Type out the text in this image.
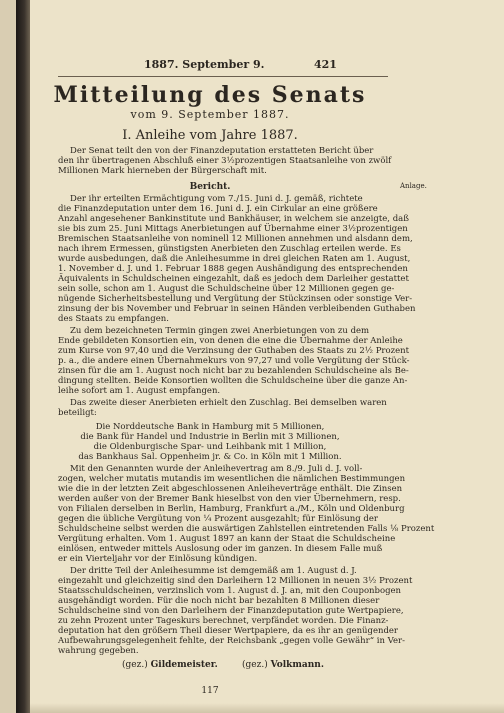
1887. September 9.	421
Mitteilung des Senats
vom 9. September 1887.
I. Anleihe vom Jahre 1887.
Der Senat teilt den von der Finanzdeputation erstatteten Bericht über
den ihr übertragenen Abschluß einer 3½prozentigen Staatsanleihe von zwölf
Millionen Mark hierneben der Bürgerschaft mit.
Bericht.	Anlage.
Der ihr erteilten Ermächtigung vom 7./15. Juni d. J. gemäß, richtete
die Finanzdeputation unter dem 16. Juni d. J. ein Cirkular an eine größere
Anzahl angesehener Bankinstitute und Bankhäuser, in welchem sie anzeigte, daß
sie bis zum 25. Juni Mittags Anerbietungen auf Übernahme einer 3½prozentigen
Bremischen Staatsanleihe von nominell 12 Millionen annehmen und alsdann dem,
nach ihrem Ermessen, günstigsten Anerbieten den Zuschlag erteilen werde. Es
wurde ausbedungen, daß die Anleihesumme in drei gleichen Raten am 1. August,
1. November d. J. und 1. Februar 1888 gegen Aushändigung des entsprechenden
Äquivalents in Schuldscheinen eingezahlt, daß es jedoch dem Darleiher gestattet
sein solle, schon am 1. August die Schuldscheine über 12 Millionen gegen ge-
nügende Sicherheitsbestellung und Vergütung der Stückzinsen oder sonstige Ver-
zinsung der bis November und Februar in seinen Händen verbleibenden Guthaben
des Staats zu empfangen.
Zu dem bezeichneten Termin gingen zwei Anerbietungen von zu dem
Ende gebildeten Konsortien ein, von denen die eine die Übernahme der Anleihe
zum Kurse von 97,40 und die Verzinsung der Guthaben des Staats zu 2½ Prozent
p. a., die andere einen Übernahmekurs von 97,27 und volle Vergütung der Stück-
zinsen für die am 1. August noch nicht bar zu bezahlenden Schuldscheine als Be-
dingung stellten. Beide Konsortien wollten die Schuldscheine über die ganze An-
leihe sofort am 1. August empfangen.
Das zweite dieser Anerbieten erhielt den Zuschlag. Bei demselben waren
beteiligt:
Die Norddeutsche Bank in Hamburg mit 5 Millionen,
die Bank für Handel und Industrie in Berlin mit 3 Millionen,
die Oldenburgische Spar- und Leihbank mit 1 Million,
das Bankhaus Sal. Oppenheim jr. & Co. in Köln mit 1 Million.
Mit den Genannten wurde der Anleihevertrag am 8./9. Juli d. J. voll-
zogen, welcher mutatis mutandis im wesentlichen die nämlichen Bestimmungen
wie die in der letzten Zeit abgeschlossenen Anleiheverträge enthält. Die Zinsen
werden außer von der Bremer Bank hieselbst von den vier Übernehmern, resp.
von Filialen derselben in Berlin, Hamburg, Frankfurt a./M., Köln und Oldenburg
gegen die übliche Vergütung von ¼ Prozent ausgezahlt; für Einlösung der
Schuldscheine selbst werden die auswärtigen Zahlstellen eintretenden Falls ⅛ Prozent
Vergütung erhalten. Vom 1. August 1897 an kann der Staat die Schuldscheine
einlösen, entweder mittels Auslosung oder im ganzen. In diesem Falle muß
er ein Vierteljahr vor der Einlösung kündigen.
Der dritte Teil der Anleihesumme ist demgemäß am 1. August d. J.
eingezahlt und gleichzeitig sind den Darleihern 12 Millionen in neuen 3½ Prozent
Staatsschuldscheinen, verzinslich vom 1. August d. J. an, mit den Couponbogen
ausgehändigt worden. Für die noch nicht bar bezahlten 8 Millionen dieser
Schuldscheine sind von den Darleihern der Finanzdeputation gute Wertpapiere,
zu zehn Prozent unter Tageskurs berechnet, verpfändet worden. Die Finanz-
deputation hat den größern Theil dieser Wertpapiere, da es ihr an genügender
Aufbewahrungsgelegenheit fehlte, der Reichsbank „gegen volle Gewähr“ in Ver-
wahrung gegeben.
(gez.) Gildemeister.	(gez.) Volkmann.
117
